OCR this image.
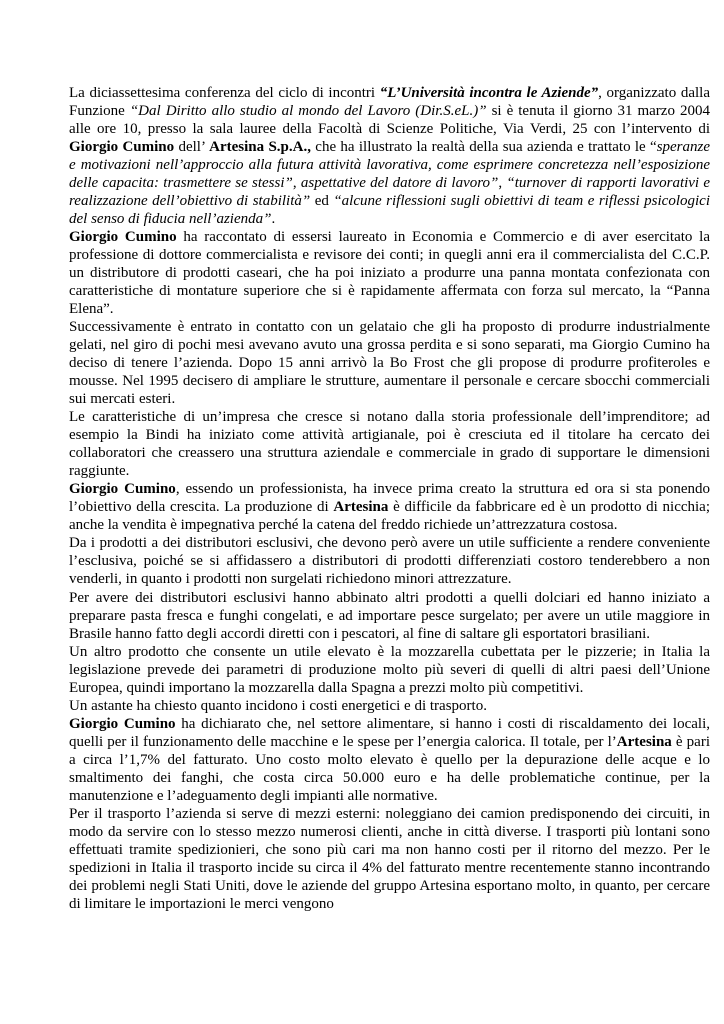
La diciassettesima conferenza del ciclo di incontri “L’Università incontra le Aziende”, organizzato dalla Funzione “Dal Diritto allo studio al mondo del Lavoro (Dir.S.eL.)” si è tenuta il giorno 31 marzo 2004 alle ore 10, presso la sala lauree della Facoltà di Scienze Politiche, Via Verdi, 25 con l’intervento di Giorgio Cumino dell’ Artesina S.p.A., che ha illustrato la realtà della sua azienda e trattato le “speranze e motivazioni nell’approccio alla futura attività lavorativa, come esprimere concretezza nell’esposizione delle capacita: trasmettere se stessi”, aspettative del datore di lavoro”, “turnover di rapporti lavorativi e realizzazione dell’obiettivo di stabilità” ed “alcune riflessioni sugli obiettivi di team e riflessi psicologici del senso di fiducia nell’azienda”.

Giorgio Cumino ha raccontato di essersi laureato in Economia e Commercio e di aver esercitato la professione di dottore commercialista e revisore dei conti; in quegli anni era il commercialista del C.C.P. un distributore di prodotti caseari, che ha poi iniziato a produrre una panna montata confezionata con caratteristiche di montature superiore che si è rapidamente affermata con forza sul mercato, la “Panna Elena”.

Successivamente è entrato in contatto con un gelataio che gli ha proposto di produrre industrialmente gelati, nel giro di pochi mesi avevano avuto una grossa perdita e si sono separati, ma Giorgio Cumino ha deciso di tenere l’azienda. Dopo 15 anni arrivò la Bo Frost che gli propose di produrre profiteroles e mousse. Nel 1995 decisero di ampliare le strutture, aumentare il personale e cercare sbocchi commerciali sui mercati esteri.

Le caratteristiche di un’impresa che cresce si notano dalla storia professionale dell’imprenditore; ad esempio la Bindi ha iniziato come attività artigianale, poi è cresciuta ed il titolare ha cercato dei collaboratori che creassero una struttura aziendale e commerciale in grado di supportare le dimensioni raggiunte.

Giorgio Cumino, essendo un professionista, ha invece prima creato la struttura ed ora si sta ponendo l’obiettivo della crescita. La produzione di Artesina è difficile da fabbricare ed è un prodotto di nicchia; anche la vendita è impegnativa perché la catena del freddo richiede un’attrezzatura costosa.

Da i prodotti a dei distributori esclusivi, che devono però avere un utile sufficiente a rendere conveniente l’esclusiva, poiché se si affidassero a distributori di prodotti differenziati costoro tenderebbero a non venderli, in quanto i prodotti non surgelati richiedono minori attrezzature.

Per avere dei distributori esclusivi hanno abbinato altri prodotti a quelli dolciari ed hanno iniziato a preparare pasta fresca e funghi congelati, e ad importare pesce surgelato; per avere un utile maggiore in Brasile hanno fatto degli accordi diretti con i pescatori, al fine di saltare gli esportatori brasiliani.

Un altro prodotto che consente un utile elevato è la mozzarella cubettata per le pizzerie; in Italia la legislazione prevede dei parametri di produzione molto più severi di quelli di altri paesi dell’Unione Europea, quindi importano la mozzarella dalla Spagna a prezzi molto più competitivi.

Un astante ha chiesto quanto incidono i costi energetici e di trasporto.

Giorgio Cumino ha dichiarato che, nel settore alimentare, si hanno i costi di riscaldamento dei locali, quelli per il funzionamento delle macchine e le spese per l’energia calorica. Il totale, per l’Artesina è pari a circa l’1,7% del fatturato. Uno costo molto elevato è quello per la depurazione delle acque e lo smaltimento dei fanghi, che costa circa 50.000 euro e ha delle problematiche continue, per la manutenzione e l’adeguamento degli impianti alle normative.

Per il trasporto l’azienda si serve di mezzi esterni: noleggiano dei camion predisponendo dei circuiti, in modo da servire con lo stesso mezzo numerosi clienti, anche in città diverse. I trasporti più lontani sono effettuati tramite spedizionieri, che sono più cari ma non hanno costi per il ritorno del mezzo. Per le spedizioni in Italia il trasporto incide su circa il 4% del fatturato mentre recentemente stanno incontrando dei problemi negli Stati Uniti, dove le aziende del gruppo Artesina esportano molto, in quanto, per cercare di limitare le importazioni le merci vengono
